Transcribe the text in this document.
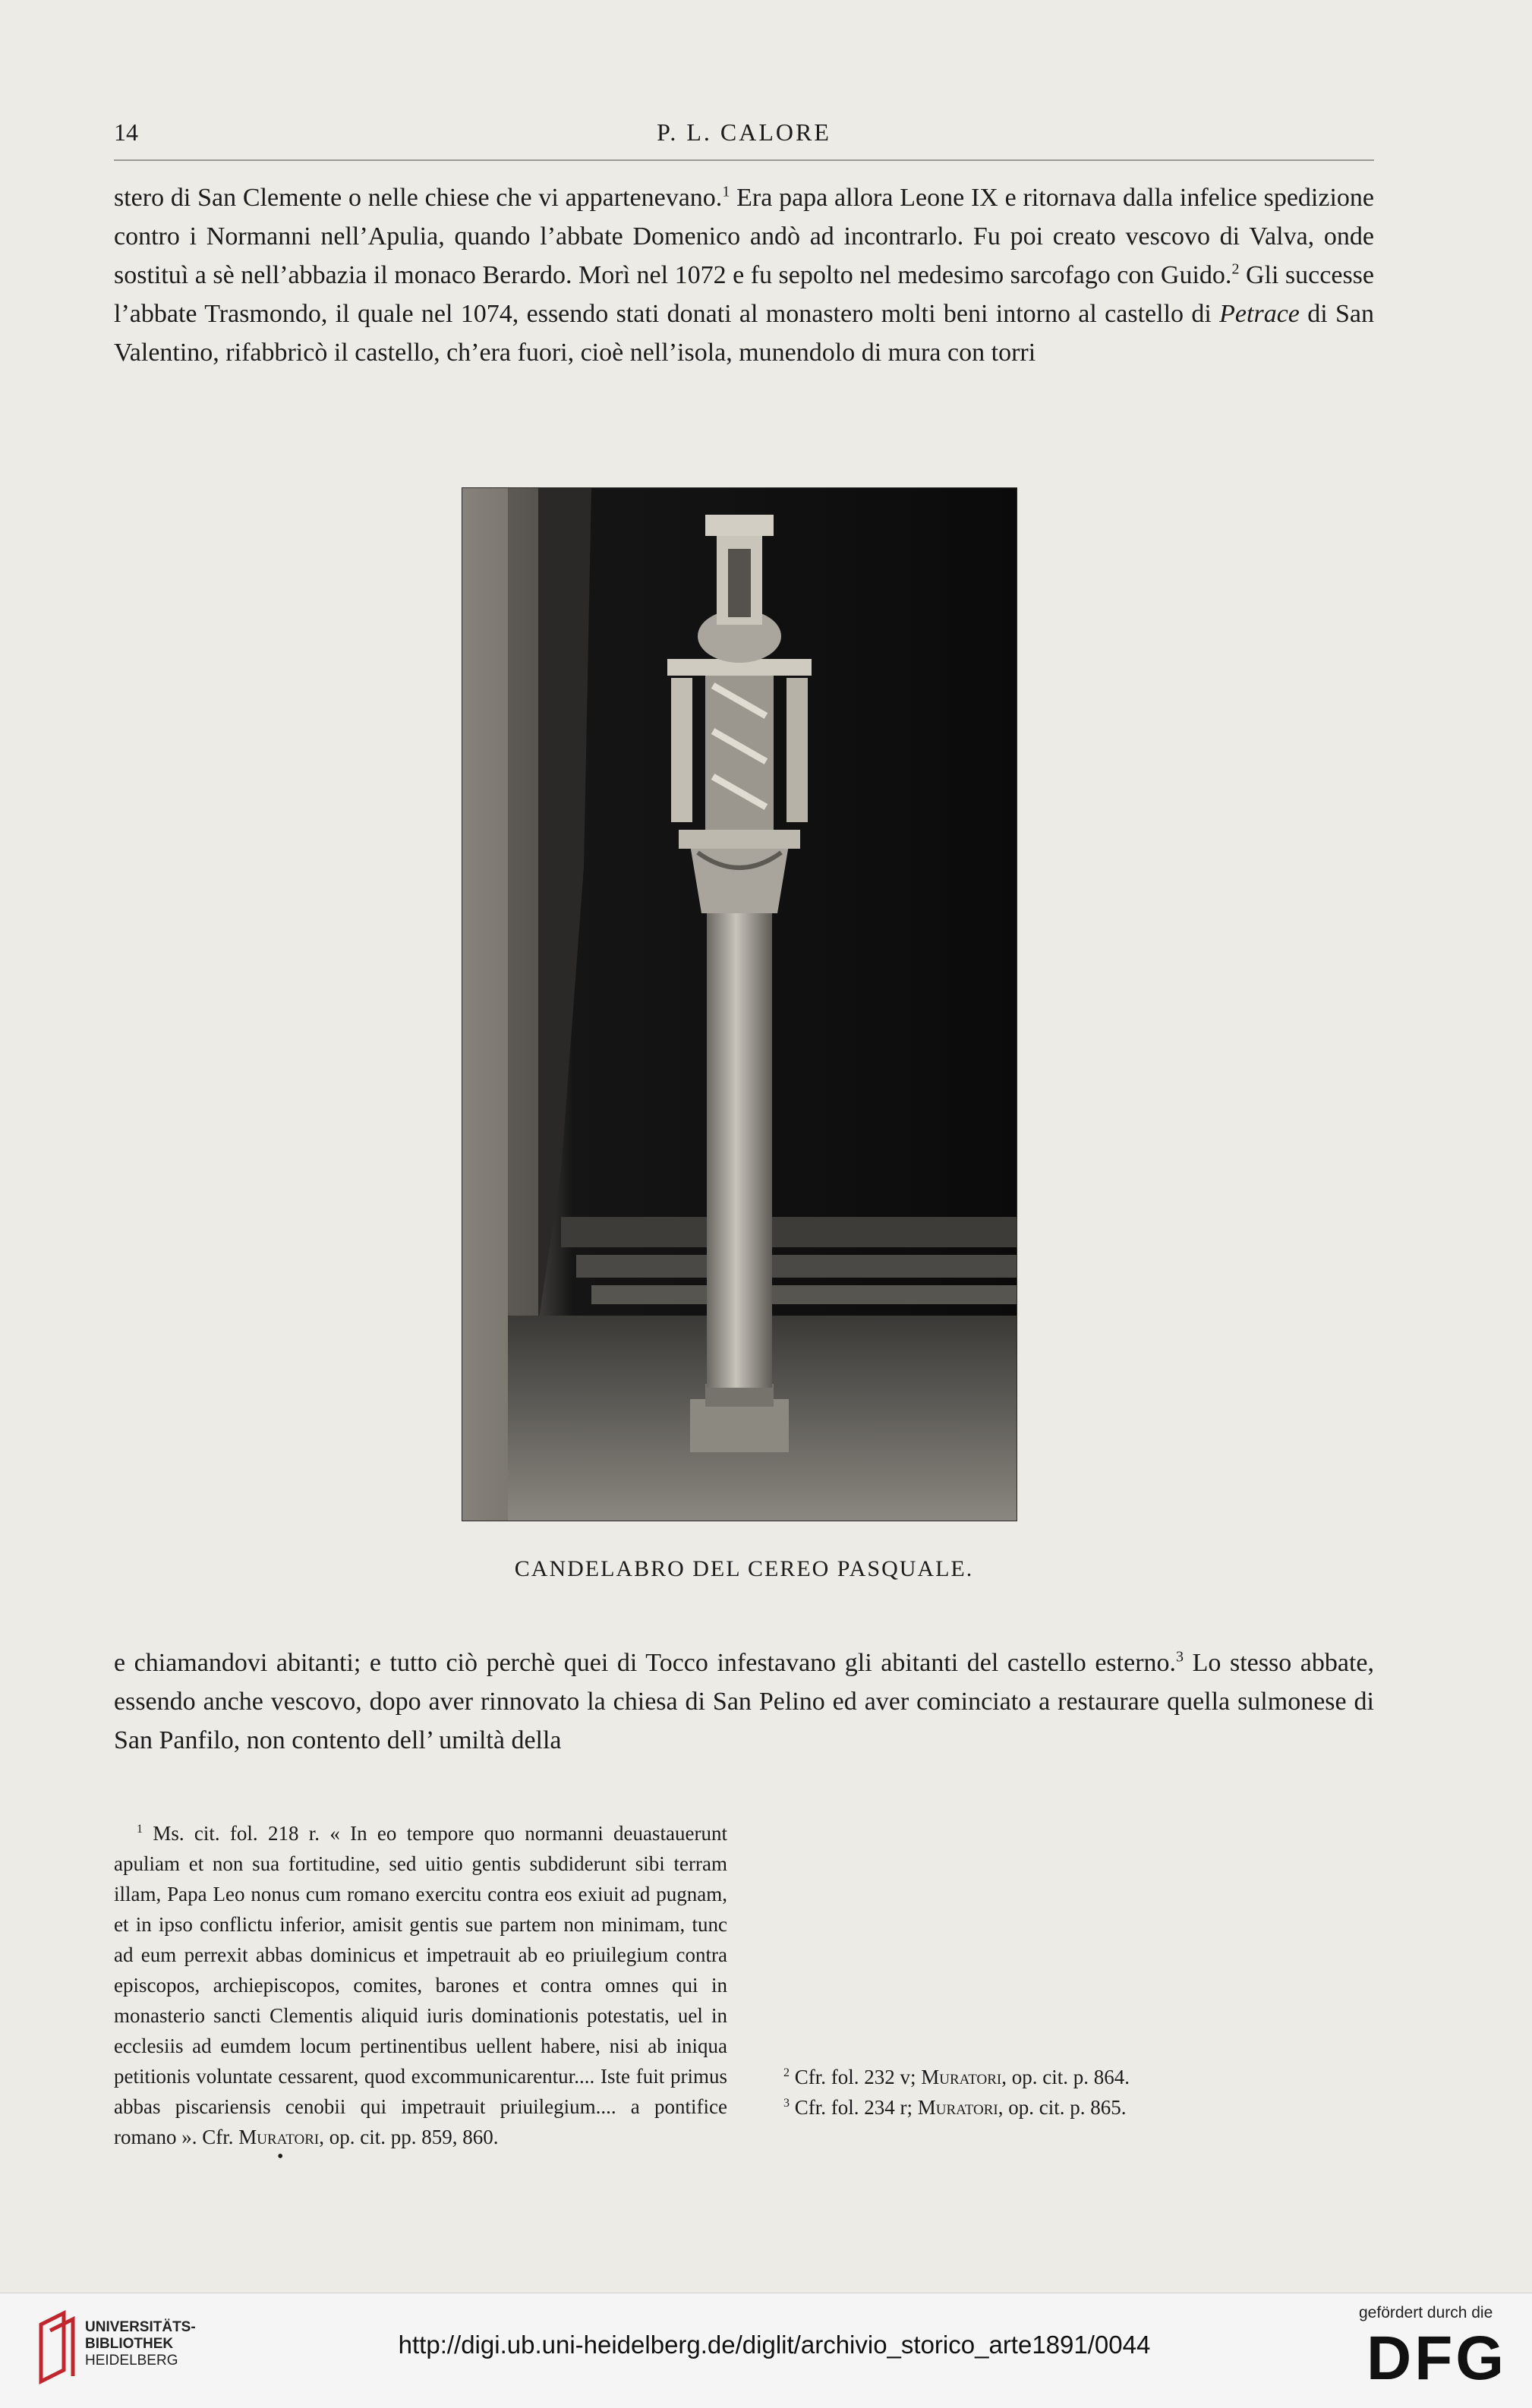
14	P. L. CALORE

stero di San Clemente o nelle chiese che vi appartenevano.$^1$ Era papa allora Leone IX e ritornava dalla infelice spedizione contro i Normanni nell’Apulia, quando l’abbate Domenico andò ad incontrarlo. Fu poi creato vescovo di Valva, onde sostituì a sè nell’abbazia il monaco Berardo. Morì nel 1072 e fu sepolto nel medesimo sarcofago con Guido.$^2$ Gli successe l’abbate Trasmondo, il quale nel 1074, essendo stati donati al monastero molti beni intorno al castello di Petrace di San Valentino, rifabbricò il castello, ch’era fuori, cioè nell’isola, munendolo di mura con torri

CANDELABRO DEL CEREO PASQUALE.

e chiamandovi abitanti; e tutto ciò perchè quei di Tocco infestavano gli abitanti del castello esterno.$^3$ Lo stesso abbate, essendo anche vescovo, dopo aver rinnovato la chiesa di San Pelino ed aver cominciato a restaurare quella sulmonese di San Panfilo, non contento dell’ umiltà della

$^1$ Ms. cit. fol. 218 r. « In eo tempore quo normanni deuastauerunt apuliam et non sua fortitudine, sed uitio gentis subdiderunt sibi terram illam, Papa Leo nonus cum romano exercitu contra eos exiuit ad pugnam, et in ipso conflictu inferior, amisit gentis sue partem non minimam, tunc ad eum perrexit abbas dominicus et impetrauit ab eo priuilegium contra episcopos, archiepiscopos, comites, barones et contra omnes qui in monasterio sancti Clementis aliquid iuris dominationis potestatis, uel in ecclesiis ad eumdem locum pertinentibus uellent habere, nisi ab iniqua petitionis voluntate cessarent, quod excommunicarentur.... Iste fuit primus abbas piscariensis cenobii qui impetrauit priuilegium.... a pontifice romano ». Cfr. Muratori, op. cit. pp. 859, 860.

$^2$ Cfr. fol. 232 v; Muratori, op. cit. p. 864.

$^3$ Cfr. fol. 234 r; Muratori, op. cit. p. 865.

•
UNIVERSITÄTS-
BIBLIOTHEK
HEIDELBERG
http://digi.ub.uni-heidelberg.de/diglit/archivio_storico_arte1891/0044
gefördert durch die
DFG
